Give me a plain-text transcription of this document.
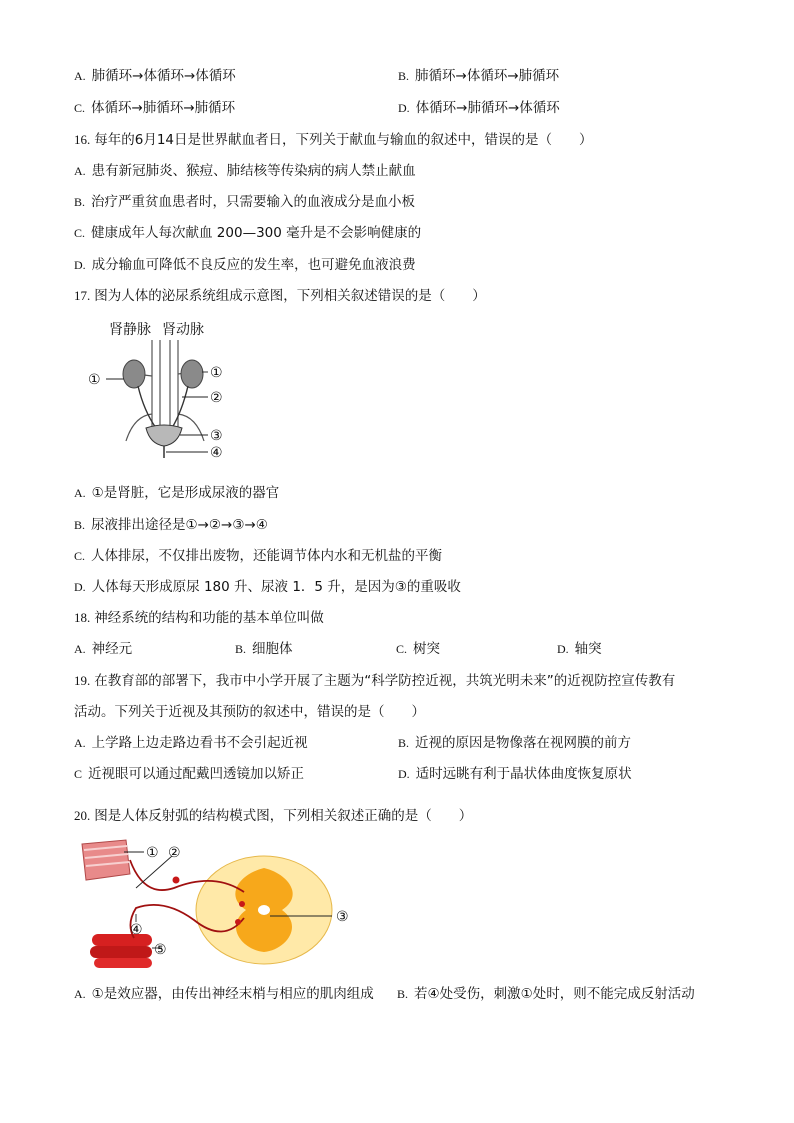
A. 肺循环→体循环→体循环	B. 肺循环→体循环→肺循环
C. 体循环→肺循环→肺循环	D. 体循环→肺循环→体循环
16. 每年的6月14日是世界献血者日，下列关于献血与输血的叙述中，错误的是（　　）
A. 患有新冠肺炎、猴痘、肺结核等传染病的病人禁止献血
B. 治疗严重贫血患者时，只需要输入的血液成分是血小板
C. 健康成年人每次献血 200—300 毫升是不会影响健康的
D. 成分输血可降低不良反应的发生率，也可避免血液浪费
17. 图为人体的泌尿系统组成示意图，下列相关叙述错误的是（　　）
肾静脉 肾动脉
①	①
②
③
④
A. ①是肾脏，它是形成尿液的器官
B. 尿液排出途径是①→②→③→④
C. 人体排尿，不仅排出废物，还能调节体内水和无机盐的平衡
D. 人体每天形成原尿 180 升、尿液 1．5 升，是因为③的重吸收
18. 神经系统的结构和功能的基本单位叫做
A. 神经元	B. 细胞体	C. 树突	D. 轴突
19. 在教育部的部署下，我市中小学开展了主题为“科学防控近视，共筑光明未来”的近视防控宣传教有
活动。下列关于近视及其预防的叙述中，错误的是（　　）
A. 上学路上边走路边看书不会引起近视	B. 近视的原因是物像落在视网膜的前方
C 近视眼可以通过配戴凹透镜加以矫正	D. 适时远眺有利于晶状体曲度恢复原状
20. 图是人体反射弧的结构模式图，下列相关叙述正确的是（　　）
① ②
③
④
⑤
A. ①是效应器，由传出神经末梢与相应的肌肉组成 B. 若④处受伤，刺激①处时，则不能完成反射活动
